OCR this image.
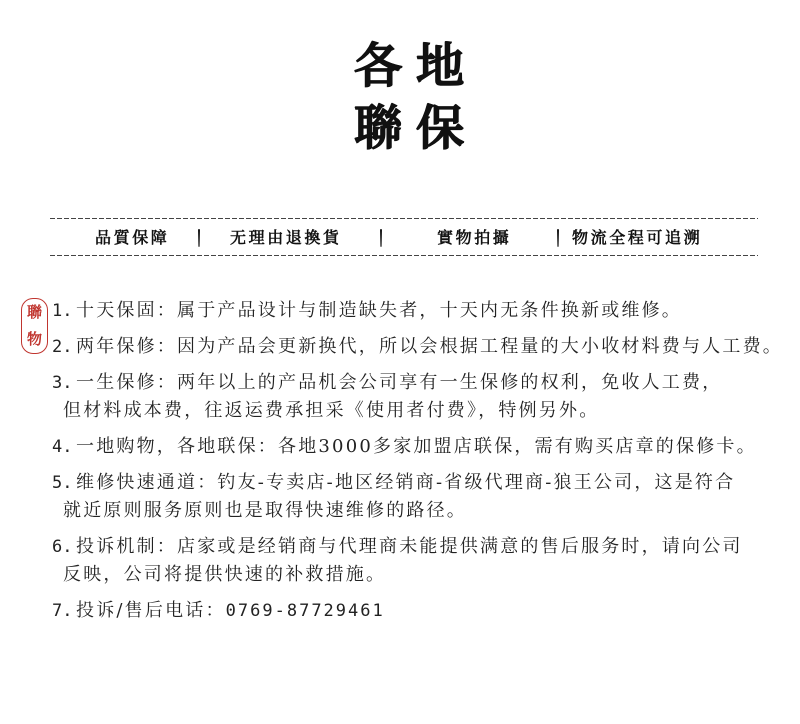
各地
聯保
品質保障	无理由退換貨	實物拍攝	物流全程可追溯
聯
物
1. 十天保固：属于产品设计与制造缺失者，十天内无条件换新或维修。
2. 两年保修：因为产品会更新换代，所以会根据工程量的大小收材料费与人工费。
3. 一生保修：两年以上的产品机会公司享有一生保修的权利，免收人工费，
但材料成本费，往返运费承担采《使用者付费》，特例另外。
4. 一地购物，各地联保：各地3000多家加盟店联保，需有购买店章的保修卡。
5. 维修快速通道：钓友-专卖店-地区经销商-省级代理商-狼王公司，这是符合
就近原则服务原则也是取得快速维修的路径。
6. 投诉机制：店家或是经销商与代理商未能提供满意的售后服务时，请向公司
反映，公司将提供快速的补救措施。
7. 投诉/售后电话：0769-87729461
